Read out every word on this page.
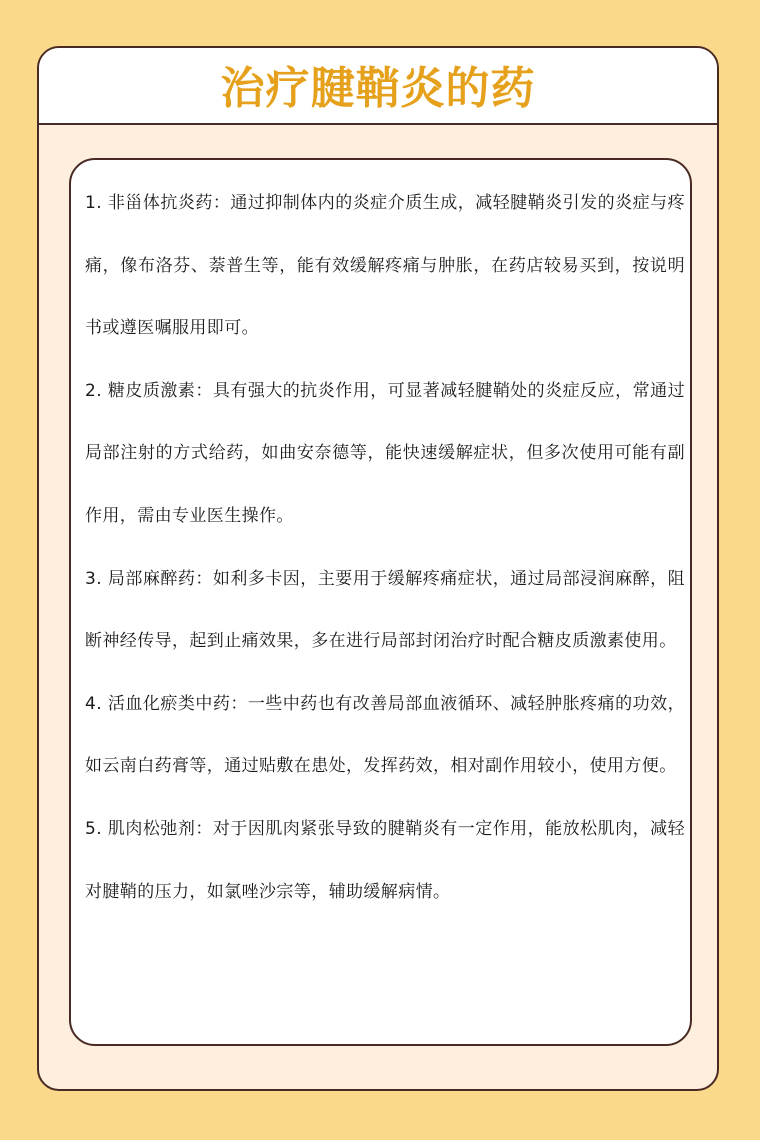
治疗腱鞘炎的药

1. 非甾体抗炎药：通过抑制体内的炎症介质生成，减轻腱鞘炎引发的炎症与疼痛，像布洛芬、萘普生等，能有效缓解疼痛与肿胀，在药店较易买到，按说明书或遵医嘱服用即可。

2. 糖皮质激素：具有强大的抗炎作用，可显著减轻腱鞘处的炎症反应，常通过局部注射的方式给药，如曲安奈德等，能快速缓解症状，但多次使用可能有副作用，需由专业医生操作。

3. 局部麻醉药：如利多卡因，主要用于缓解疼痛症状，通过局部浸润麻醉，阻断神经传导，起到止痛效果，多在进行局部封闭治疗时配合糖皮质激素使用。

4. 活血化瘀类中药：一些中药也有改善局部血液循环、减轻肿胀疼痛的功效，如云南白药膏等，通过贴敷在患处，发挥药效，相对副作用较小，使用方便。

5. 肌肉松弛剂：对于因肌肉紧张导致的腱鞘炎有一定作用，能放松肌肉，减轻对腱鞘的压力，如氯唑沙宗等，辅助缓解病情。
